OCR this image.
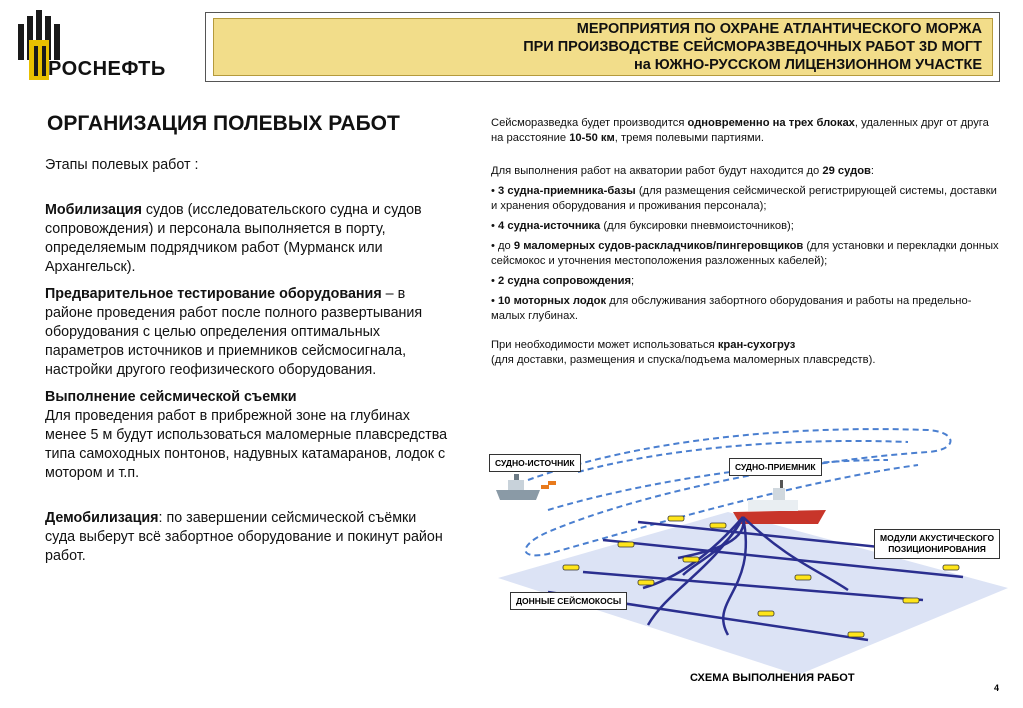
РОСНЕФТЬ
МЕРОПРИЯТИЯ ПО ОХРАНЕ АТЛАНТИЧЕСКОГО МОРЖА
ПРИ ПРОИЗВОДСТВЕ СЕЙСМОРАЗВЕДОЧНЫХ РАБОТ 3D МОГТ
на ЮЖНО-РУССКОМ ЛИЦЕНЗИОННОМ УЧАСТКЕ
ОРГАНИЗАЦИЯ ПОЛЕВЫХ РАБОТ

Этапы полевых работ :

Мобилизация судов (исследовательского судна и судов сопровождения) и персонала выполняется в порту, определяемым подрядчиком работ (Мурманск или Архангельск).

Предварительное тестирование оборудования – в районе проведения работ после полного развертывания оборудования с целью определения оптимальных параметров источников и приемников сейсмосигнала, настройки другого геофизического оборудования.

Выполнение сейсмической съемки
Для проведения работ в прибрежной зоне на глубинах менее 5 м будут использоваться маломерные плавсредства типа самоходных понтонов, надувных катамаранов, лодок с мотором и т.п.

Демобилизация: по завершении сейсмической съёмки суда выберут всё забортное оборудование и покинут район работ.

Сейсморазведка будет производится одновременно на трех блоках, удаленных друг от друга на расстояние 10-50 км, тремя полевыми партиями.

Для выполнения работ на акватории работ будут находится до 29 судов:

• 3 судна-приемника-базы (для размещения сейсмической регистрирующей системы, доставки и хранения оборудования и проживания персонала);

• 4 судна-источника (для буксировки пневмоисточников);

• до 9 маломерных судов-раскладчиков/пингеровщиков (для установки и перекладки донных сейсмокос и уточнения местоположения разложенных кабелей);

• 2 судна сопровождения;

• 10 моторных лодок для обслуживания забортного оборудования и работы на предельно-малых глубинах.

При необходимости может использоваться кран-сухогруз
(для доставки, размещения и спуска/подъема маломерных плавсредств).

СУДНО-ИСТОЧНИК	СУДНО-ПРИЕМНИК
МОДУЛИ АКУСТИЧЕСКОГО
ПОЗИЦИОНИРОВАНИЯ
ДОННЫЕ СЕЙСМОКОСЫ
СХЕМА ВЫПОЛНЕНИЯ РАБОТ
4
